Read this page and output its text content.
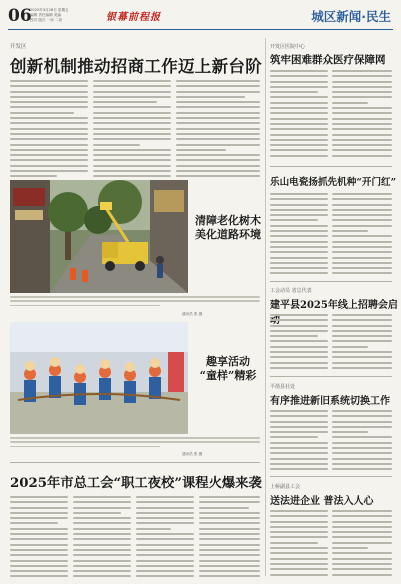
06
2025年3月28日 星期五
编辑 责任编辑 美编
校对 版式 一读 二读	银幕前程报	城区新闻·民生
开发区
创新机制推动招商工作迈上新台阶
清障老化树木
美化道路环境
通讯员 张 摄
趣享活动
“童样”精彩
通讯员 张 摄
2025年市总工会“职工夜校”课程火爆来袭
开发区医院中心
筑牢困难群众医疗保障网
乐山电瓷扬抓先机种“开门红”
工会动员 省总代表
建平县2025年线上招聘会启
平凿县社处
有序推进新旧系统切换工作
上桥副县工会
送法进企业 普法入人心
